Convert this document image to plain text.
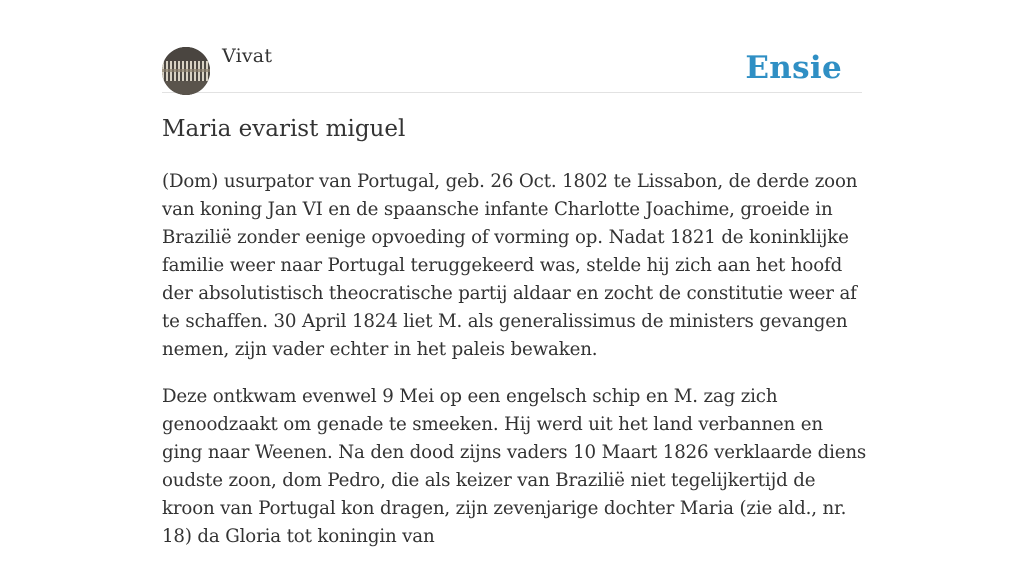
Vivat	Ensie
Maria evarist miguel

(Dom) usurpator van Portugal, geb. 26 Oct. 1802 te Lissabon, de derde zoon van koning Jan VI en de spaansche infante Charlotte Joachime, groeide in Brazilië zonder eenige opvoeding of vorming op. Nadat 1821 de koninklijke familie weer naar Portugal teruggekeerd was, stelde hij zich aan het hoofd der absolutistisch theocratische partij aldaar en zocht de constitutie weer af te schaffen. 30 April 1824 liet M. als generalissimus de ministers gevangen nemen, zijn vader echter in het paleis bewaken.

Deze ontkwam evenwel 9 Mei op een engelsch schip en M. zag zich genoodzaakt om genade te smeeken. Hij werd uit het land verbannen en ging naar Weenen. Na den dood zijns vaders 10 Maart 1826 verklaarde diens oudste zoon, dom Pedro, die als keizer van Brazilië niet tegelijkertijd de kroon van Portugal kon dragen, zijn zevenjarige dochter Maria (zie ald., nr. 18) da Gloria tot koningin van
